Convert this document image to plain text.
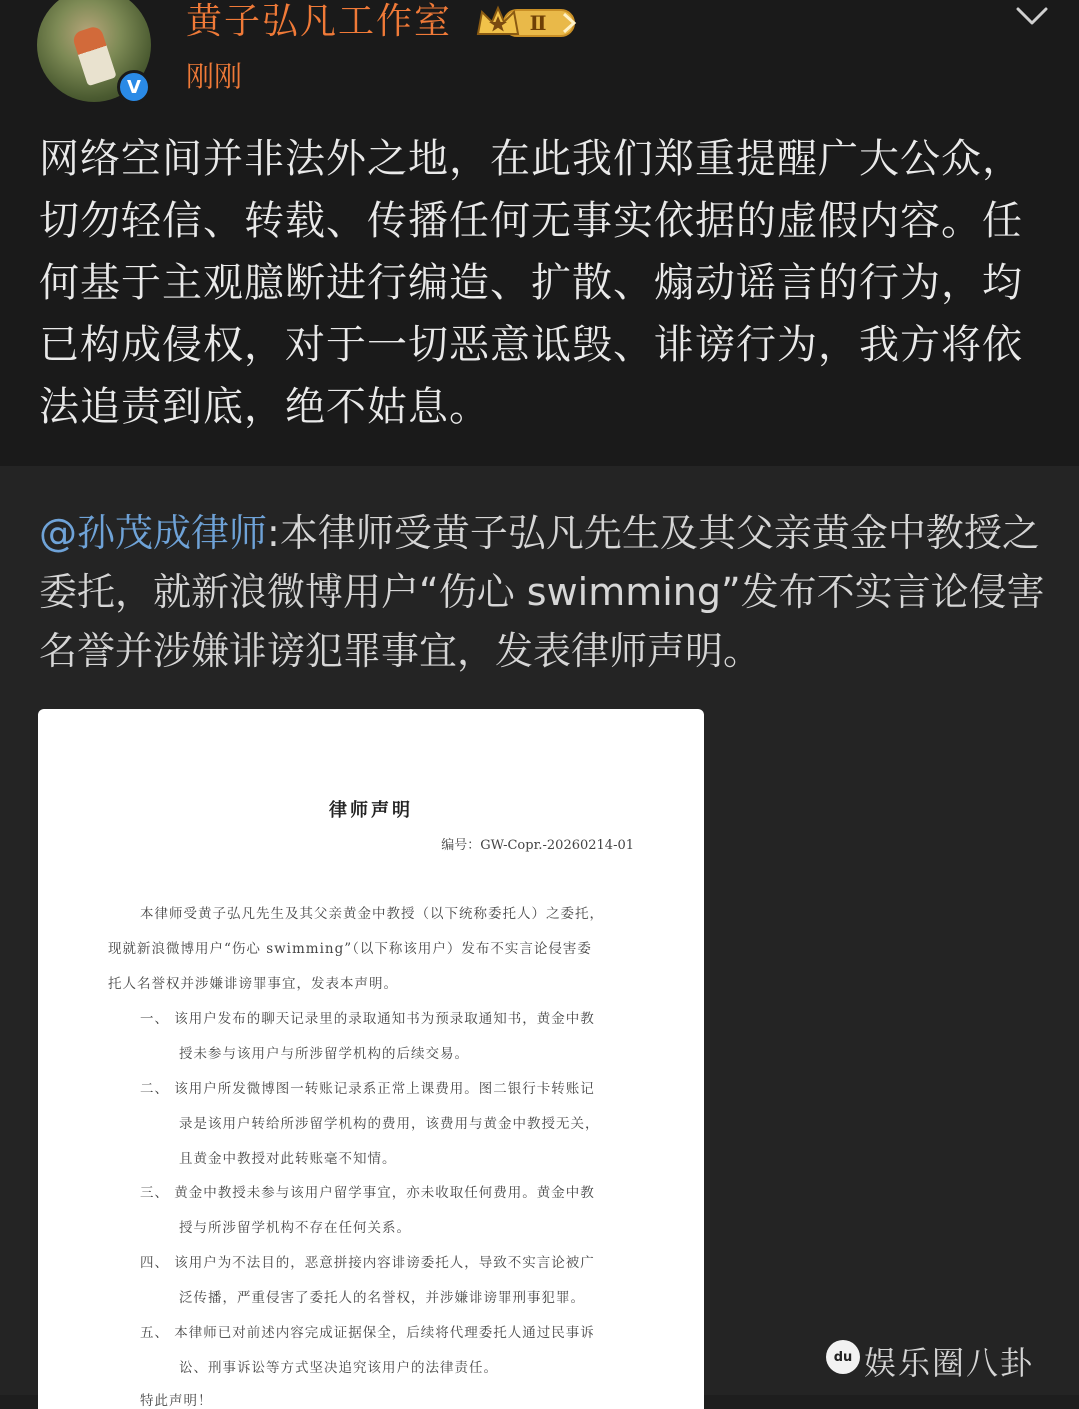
V
黄子弘凡工作室	Ⅱ
刚刚
网络空间并非法外之地，在此我们郑重提醒广大公众，切勿轻信、转载、传播任何无事实依据的虚假内容。任何基于主观臆断进行编造、扩散、煽动谣言的行为，均已构成侵权，对于一切恶意诋毁、诽谤行为，我方将依法追责到底，绝不姑息。
@孙茂成律师:本律师受黄子弘凡先生及其父亲黄金中教授之委托，就新浪微博用户“伤心 swimming”发布不实言论侵害名誉并涉嫌诽谤犯罪事宜，发表律师声明。
律师声明
编号：GW-Copr.-20260214-01
本律师受黄子弘凡先生及其父亲黄金中教授（以下统称委托人）之委托，
现就新浪微博用户“伤心 swimming”（以下称该用户）发布不实言论侵害委
托人名誉权并涉嫌诽谤罪事宜，发表本声明。
一、 该用户发布的聊天记录里的录取通知书为预录取通知书，黄金中教
授未参与该用户与所涉留学机构的后续交易。
二、 该用户所发微博图一转账记录系正常上课费用。图二银行卡转账记
录是该用户转给所涉留学机构的费用，该费用与黄金中教授无关，
且黄金中教授对此转账毫不知情。
三、 黄金中教授未参与该用户留学事宜，亦未收取任何费用。黄金中教
授与所涉留学机构不存在任何关系。
四、 该用户为不法目的，恶意拼接内容诽谤委托人，导致不实言论被广
泛传播，严重侵害了委托人的名誉权，并涉嫌诽谤罪刑事犯罪。
五、 本律师已对前述内容完成证据保全，后续将代理委托人通过民事诉
讼、刑事诉讼等方式坚决追究该用户的法律责任。
特此声明！
du 娱乐圈八卦
